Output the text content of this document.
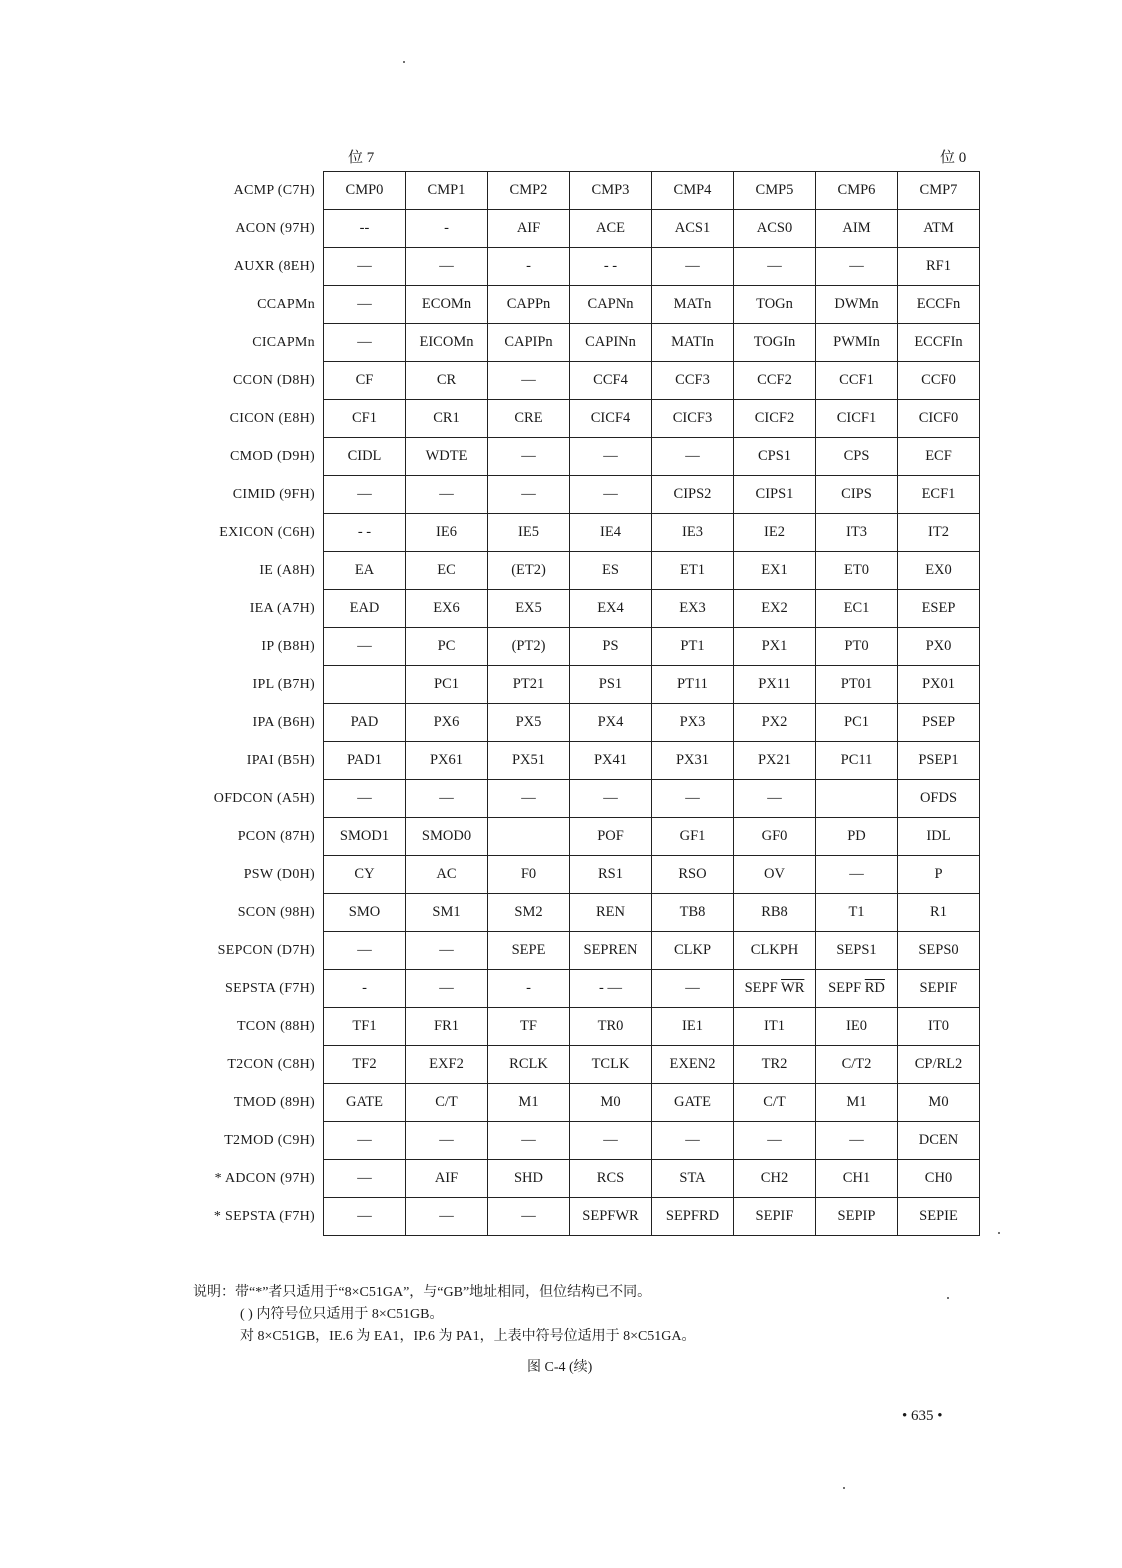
位 7	位 0
ACMP (C7H)	CMP0	CMP1	CMP2	CMP3	CMP4	CMP5	CMP6	CMP7
ACON (97H)	--	-	AIF	ACE	ACS1	ACS0	AIM	ATM
AUXR (8EH)	—	—	-	- -	—	—	—	RF1
CCAPMn	—	ECOMn	CAPPn	CAPNn	MATn	TOGn	DWMn	ECCFn
CICAPMn	—	EICOMn	CAPIPn	CAPINn	MATIn	TOGIn	PWMIn	ECCFIn
CCON (D8H)	CF	CR	—	CCF4	CCF3	CCF2	CCF1	CCF0
CICON (E8H)	CF1	CR1	CRE	CICF4	CICF3	CICF2	CICF1	CICF0
CMOD (D9H)	CIDL	WDTE	—	—	—	CPS1	CPS	ECF
CIMID (9FH)	—	—	—	—	CIPS2	CIPS1	CIPS	ECF1
EXICON (C6H)	- -	IE6	IE5	IE4	IE3	IE2	IT3	IT2
IE (A8H)	EA	EC	(ET2)	ES	ET1	EX1	ET0	EX0
IEA (A7H)	EAD	EX6	EX5	EX4	EX3	EX2	EC1	ESEP
IP (B8H)	—	PC	(PT2)	PS	PT1	PX1	PT0	PX0
IPL (B7H)		PC1	PT21	PS1	PT11	PX11	PT01	PX01
IPA (B6H)	PAD	PX6	PX5	PX4	PX3	PX2	PC1	PSEP
IPAI (B5H)	PAD1	PX61	PX51	PX41	PX31	PX21	PC11	PSEP1
OFDCON (A5H)	—	—	—	—	—	—		OFDS
PCON (87H)	SMOD1	SMOD0		POF	GF1	GF0	PD	IDL
PSW (D0H)	CY	AC	F0	RS1	RSO	OV	—	P
SCON (98H)	SMO	SM1	SM2	REN	TB8	RB8	T1	R1
SEPCON (D7H)	—	—	SEPE	SEPREN	CLKP	CLKPH	SEPS1	SEPS0
SEPSTA (F7H)	-	—	-	- —	—	SEPF $\overline{WR}$	SEPF $\overline{RD}$	SEPIF
TCON (88H)	TF1	FR1	TF	TR0	IE1	IT1	IE0	IT0
T2CON (C8H)	TF2	EXF2	RCLK	TCLK	EXEN2	TR2	C/T2	CP/RL2
TMOD (89H)	GATE	C/T	M1	M0	GATE	C/T	M1	M0
T2MOD (C9H)	—	—	—	—	—	—	—	DCEN
* ADCON (97H)	—	AIF	SHD	RCS	STA	CH2	CH1	CH0
* SEPSTA (F7H)	—	—	—	SEPFWR	SEPFRD	SEPIF	SEPIP	SEPIE
说明：带“*”者只适用于“8×C51GA”，与“GB”地址相同，但位结构已不同。
( ) 内符号位只适用于 8×C51GB。
对 8×C51GB，IE.6 为 EA1，IP.6 为 PA1，上表中符号位适用于 8×C51GA。
图 C-4 (续)
• 635 •
